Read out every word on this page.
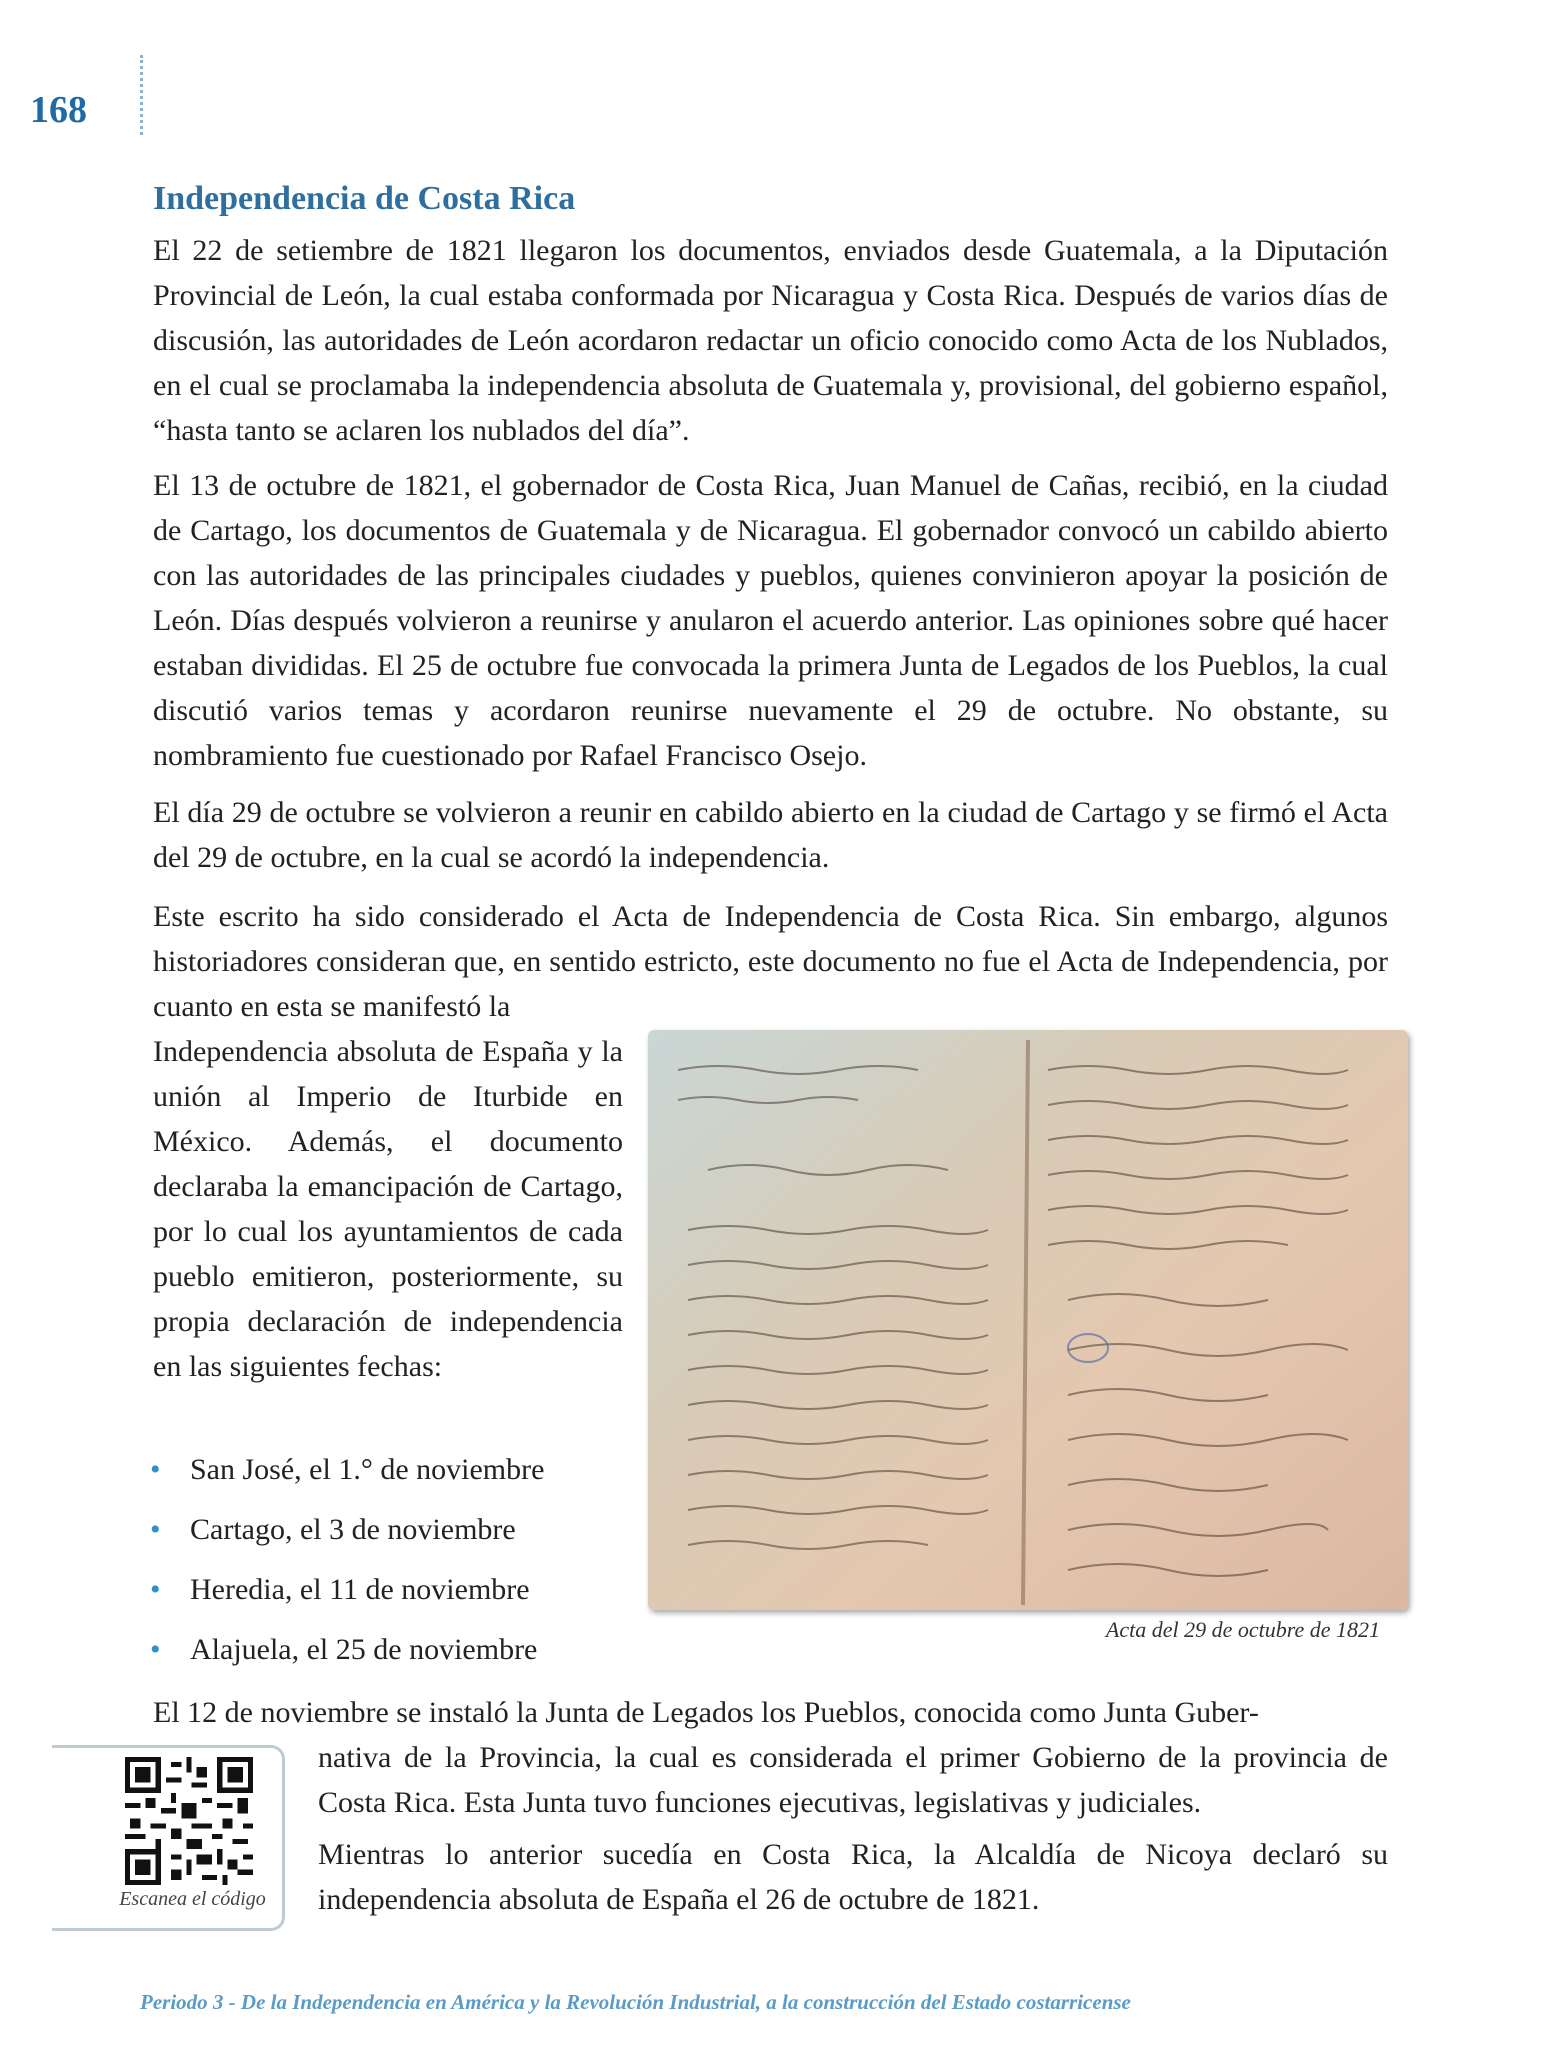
168
Independencia de Costa Rica

El 22 de setiembre de 1821 llegaron los documentos, enviados desde Guatemala, a la Diputación Provincial de León, la cual estaba conformada por Nicaragua y Costa Rica. Después de varios días de discusión, las autoridades de León acordaron redactar un oficio conocido como Acta de los Nublados, en el cual se proclamaba la independencia absoluta de Guatemala y, provisional, del gobierno español, “hasta tanto se aclaren los nublados del día”.

El 13 de octubre de 1821, el gobernador de Costa Rica, Juan Manuel de Cañas, recibió, en la ciudad de Cartago, los documentos de Guatemala y de Nicaragua. El gobernador convocó un cabildo abierto con las autoridades de las principales ciudades y pueblos, quienes convinieron apoyar la posición de León. Días después volvieron a reunirse y anularon el acuerdo anterior. Las opiniones sobre qué hacer estaban divididas. El 25 de octubre fue convocada la primera Junta de Legados de los Pueblos, la cual discutió varios temas y acordaron reunirse nuevamente el 29 de octubre. No obstante, su nombramiento fue cuestionado por Rafael Francisco Osejo.

El día 29 de octubre se volvieron a reunir en cabildo abierto en la ciudad de Cartago y se firmó el Acta del 29 de octubre, en la cual se acordó la independencia.

Este escrito ha sido considerado el Acta de Independencia de Costa Rica. Sin embargo, algunos historiadores consideran que, en sentido estricto, este documento no fue el Acta de Independencia, por cuanto en esta se manifestó la
Independencia absoluta de España y la unión al Imperio de Iturbide en México. Además, el documento declaraba la emancipación de Cartago, por lo cual los ayuntamientos de cada pueblo emitieron, posteriormente, su propia declaración de independencia en las siguientes fechas:
• San José, el 1.° de noviembre
• Cartago, el 3 de noviembre
• Heredia, el 11 de noviembre
• Alajuela, el 25 de noviembre
Acta del 29 de octubre de 1821

El 12 de noviembre se instaló la Junta de Legados los Pueblos, conocida como Junta Guber-

nativa de la Provincia, la cual es considerada el primer Gobierno de la provincia de Costa Rica. Esta Junta tuvo funciones ejecutivas, legislativas y judiciales.

Mientras lo anterior sucedía en Costa Rica, la Alcaldía de Nicoya declaró su independencia absoluta de España el 26 de octubre de 1821.

Escanea el código
Periodo 3 - De la Independencia en América y la Revolución Industrial, a la construcción del Estado costarricense
